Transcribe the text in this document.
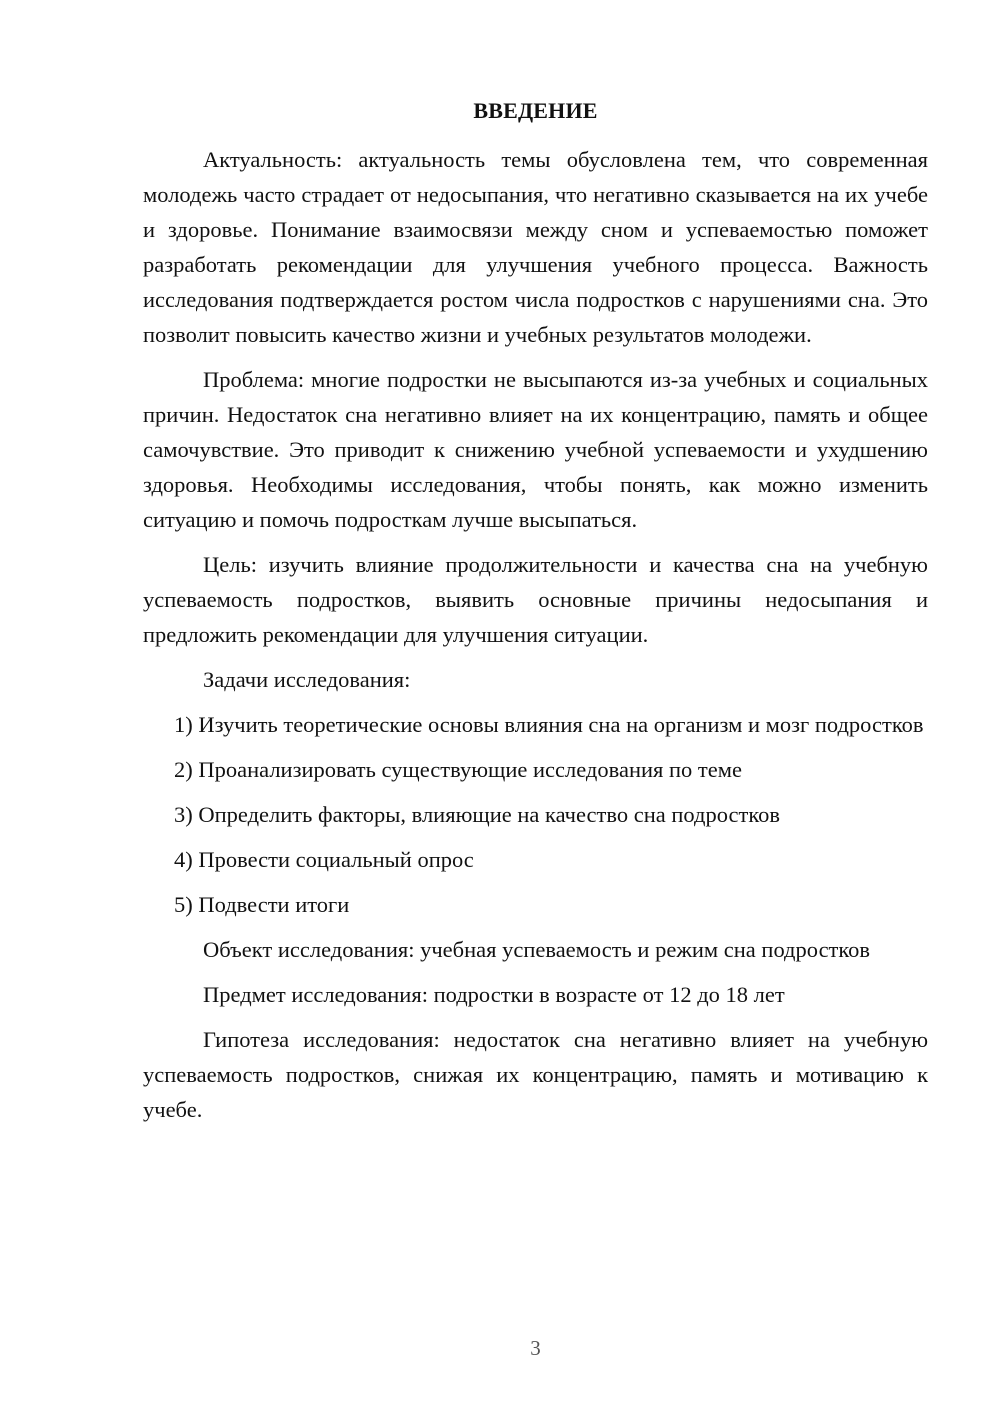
ВВЕДЕНИЕ

Актуальность: актуальность темы обусловлена тем, что современная молодежь часто страдает от недосыпания, что негативно сказывается на их учебе и здоровье. Понимание взаимосвязи между сном и успеваемостью поможет разработать рекомендации для улучшения учебного процесса. Важность исследования подтверждается ростом числа подростков с нарушениями сна. Это позволит повысить качество жизни и учебных результатов молодежи.

Проблема: многие подростки не высыпаются из-за учебных и социальных причин. Недостаток сна негативно влияет на их концентрацию, память и общее самочувствие. Это приводит к снижению учебной успеваемости и ухудшению здоровья. Необходимы исследования, чтобы понять, как можно изменить ситуацию и помочь подросткам лучше высыпаться.

Цель: изучить влияние продолжительности и качества сна на учебную успеваемость подростков, выявить основные причины недосыпания и предложить рекомендации для улучшения ситуации.

Задачи исследования:

1) Изучить теоретические основы влияния сна на организм и мозг подростков

2) Проанализировать существующие исследования по теме

3) Определить факторы, влияющие на качество сна подростков

4) Провести социальный опрос

5) Подвести итоги

Объект исследования: учебная успеваемость и режим сна подростков

Предмет исследования: подростки в возрасте от 12 до 18 лет

Гипотеза исследования: недостаток сна негативно влияет на учебную успеваемость подростков, снижая их концентрацию, память и мотивацию к учебе.

3
